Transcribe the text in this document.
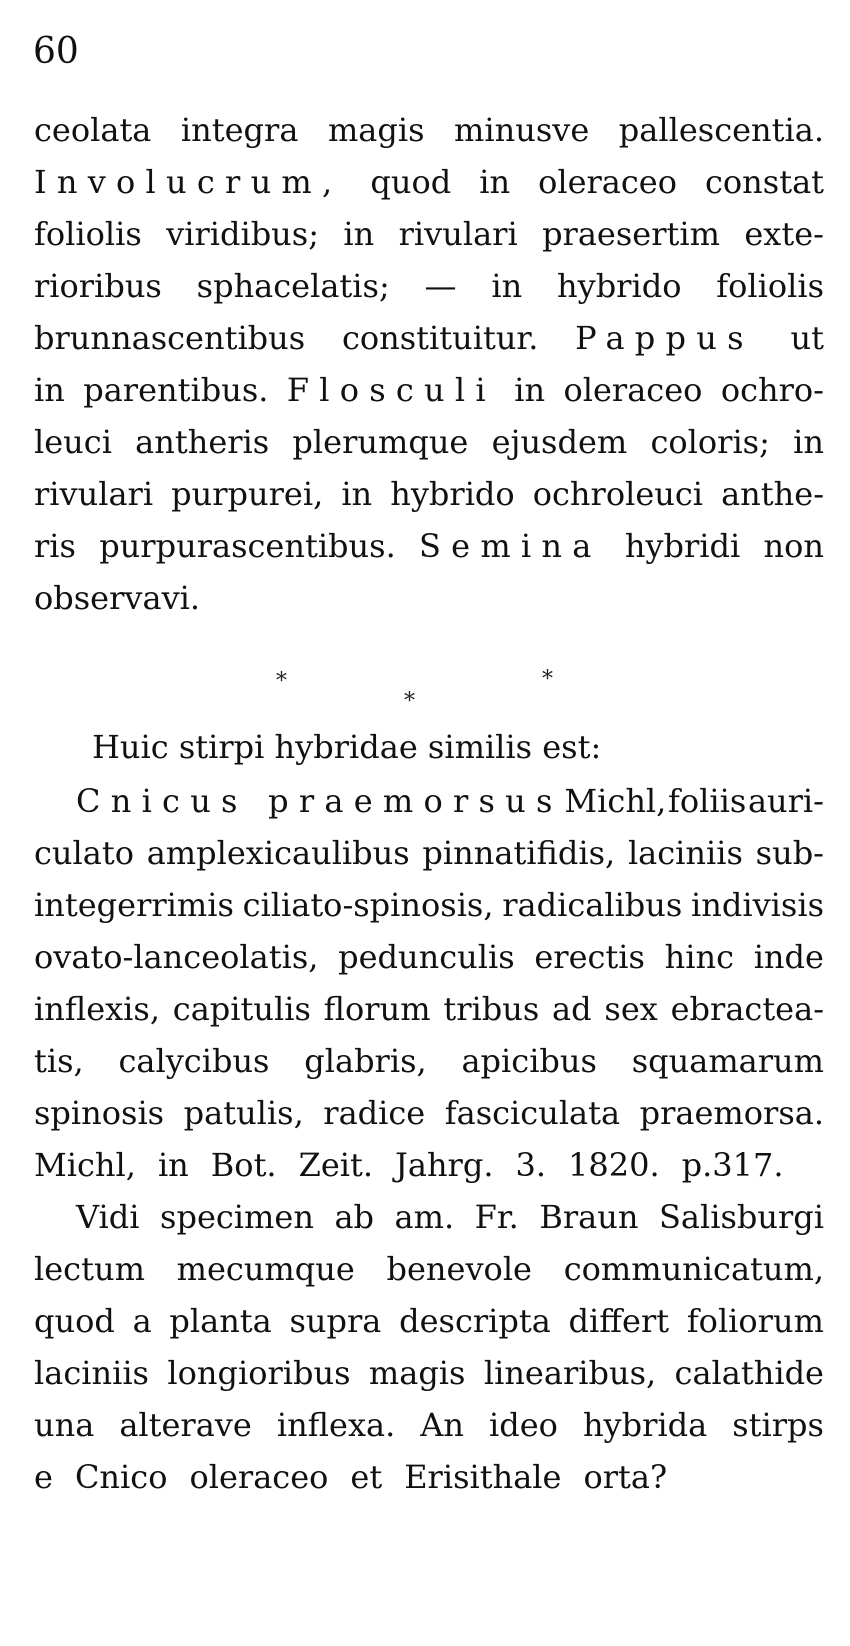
60
ceolata integra magis minusve pallescentia.
Involucrum, quod in oleraceo constat
foliolis viridibus; in rivulari praesertim exte-
rioribus sphacelatis; — in hybrido foliolis
brunnascentibus constituitur. Pappus ut
in parentibus. Flosculi in oleraceo ochro-
leuci antheris plerumque ejusdem coloris; in
rivulari purpurei, in hybrido ochroleuci anthe-
ris purpurascentibus. Semina hybridi non
observavi.
*	*
*
Huic stirpi hybridae similis est:
Cnicus praemorsus Michl, foliis auri-
culato amplexicaulibus pinnatifidis, laciniis sub-
integerrimis ciliato-spinosis, radicalibus indivisis
ovato-lanceolatis, pedunculis erectis hinc inde
inflexis, capitulis florum tribus ad sex ebractea-
tis, calycibus glabris, apicibus squamarum
spinosis patulis, radice fasciculata praemorsa.
Michl, in Bot. Zeit. Jahrg. 3. 1820. p.317.
Vidi specimen ab am. Fr. Braun Salisburgi
lectum mecumque benevole communicatum,
quod a planta supra descripta differt foliorum
laciniis longioribus magis linearibus, calathide
una alterave inflexa. An ideo hybrida stirps
e Cnico oleraceo et Erisithale orta?
